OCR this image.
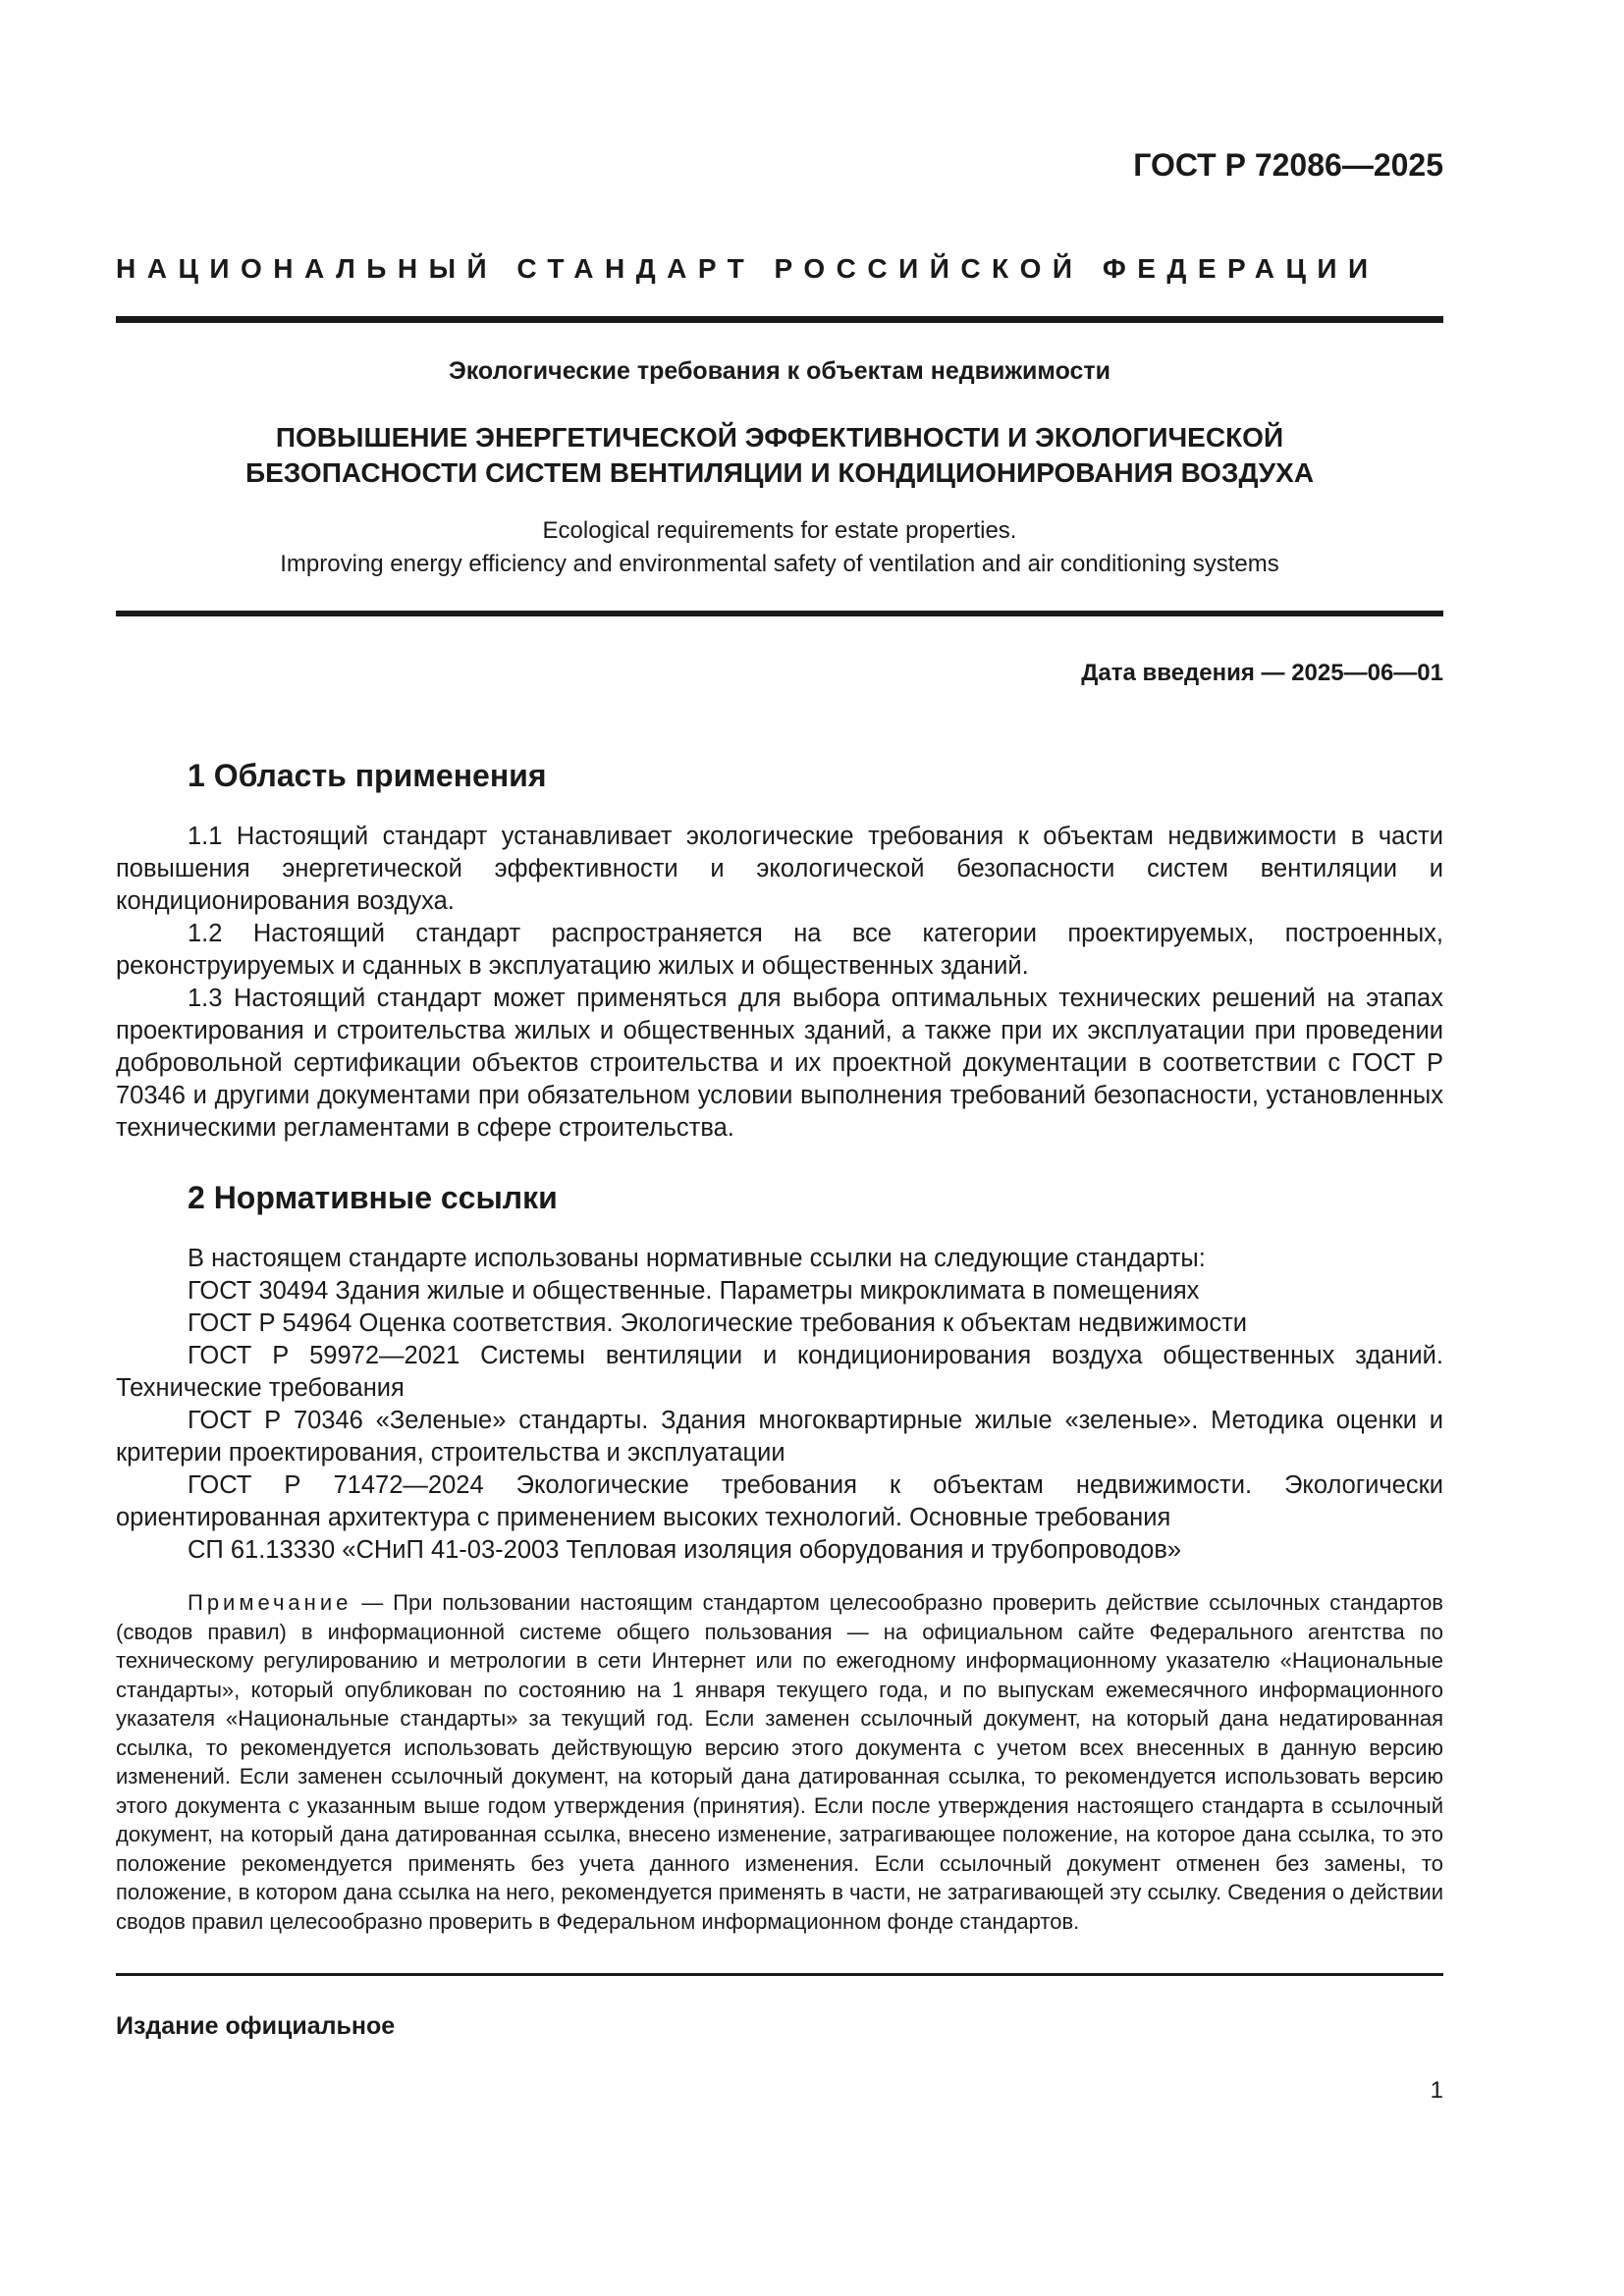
ГОСТ Р 72086—2025
НАЦИОНАЛЬНЫЙ СТАНДАРТ РОССИЙСКОЙ ФЕДЕРАЦИИ
Экологические требования к объектам недвижимости
ПОВЫШЕНИЕ ЭНЕРГЕТИЧЕСКОЙ ЭФФЕКТИВНОСТИ И ЭКОЛОГИЧЕСКОЙ
БЕЗОПАСНОСТИ СИСТЕМ ВЕНТИЛЯЦИИ И КОНДИЦИОНИРОВАНИЯ ВОЗДУХА
Ecological requirements for estate properties.
Improving energy efficiency and environmental safety of ventilation and air conditioning systems
Дата введения — 2025—06—01
1 Область применения

1.1 Настоящий стандарт устанавливает экологические требования к объектам недвижимости в части повышения энергетической эффективности и экологической безопасности систем вентиляции и кондиционирования воздуха.

1.2 Настоящий стандарт распространяется на все категории проектируемых, построенных, реконструируемых и сданных в эксплуатацию жилых и общественных зданий.

1.3 Настоящий стандарт может применяться для выбора оптимальных технических решений на этапах проектирования и строительства жилых и общественных зданий, а также при их эксплуатации при проведении добровольной сертификации объектов строительства и их проектной документации в соответствии с ГОСТ Р 70346 и другими документами при обязательном условии выполнения требований безопасности, установленных техническими регламентами в сфере строительства.

2 Нормативные ссылки

В настоящем стандарте использованы нормативные ссылки на следующие стандарты:

ГОСТ 30494 Здания жилые и общественные. Параметры микроклимата в помещениях

ГОСТ Р 54964 Оценка соответствия. Экологические требования к объектам недвижимости

ГОСТ Р 59972—2021 Системы вентиляции и кондиционирования воздуха общественных зданий. Технические требования

ГОСТ Р 70346 «Зеленые» стандарты. Здания многоквартирные жилые «зеленые». Методика оценки и критерии проектирования, строительства и эксплуатации

ГОСТ Р 71472—2024 Экологические требования к объектам недвижимости. Экологически ориентированная архитектура с применением высоких технологий. Основные требования

СП 61.13330 «СНиП 41-03-2003 Тепловая изоляция оборудования и трубопроводов»

Примечание — При пользовании настоящим стандартом целесообразно проверить действие ссылочных стандартов (сводов правил) в информационной системе общего пользования — на официальном сайте Федерального агентства по техническому регулированию и метрологии в сети Интернет или по ежегодному информационному указателю «Национальные стандарты», который опубликован по состоянию на 1 января текущего года, и по выпускам ежемесячного информационного указателя «Национальные стандарты» за текущий год. Если заменен ссылочный документ, на который дана недатированная ссылка, то рекомендуется использовать действующую версию этого документа с учетом всех внесенных в данную версию изменений. Если заменен ссылочный документ, на который дана датированная ссылка, то рекомендуется использовать версию этого документа с указанным выше годом утверждения (принятия). Если после утверждения настоящего стандарта в ссылочный документ, на который дана датированная ссылка, внесено изменение, затрагивающее положение, на которое дана ссылка, то это положение рекомендуется применять без учета данного изменения. Если ссылочный документ отменен без замены, то положение, в котором дана ссылка на него, рекомендуется применять в части, не затрагивающей эту ссылку. Сведения о действии сводов правил целесообразно проверить в Федеральном информационном фонде стандартов.
Издание официальное
1
